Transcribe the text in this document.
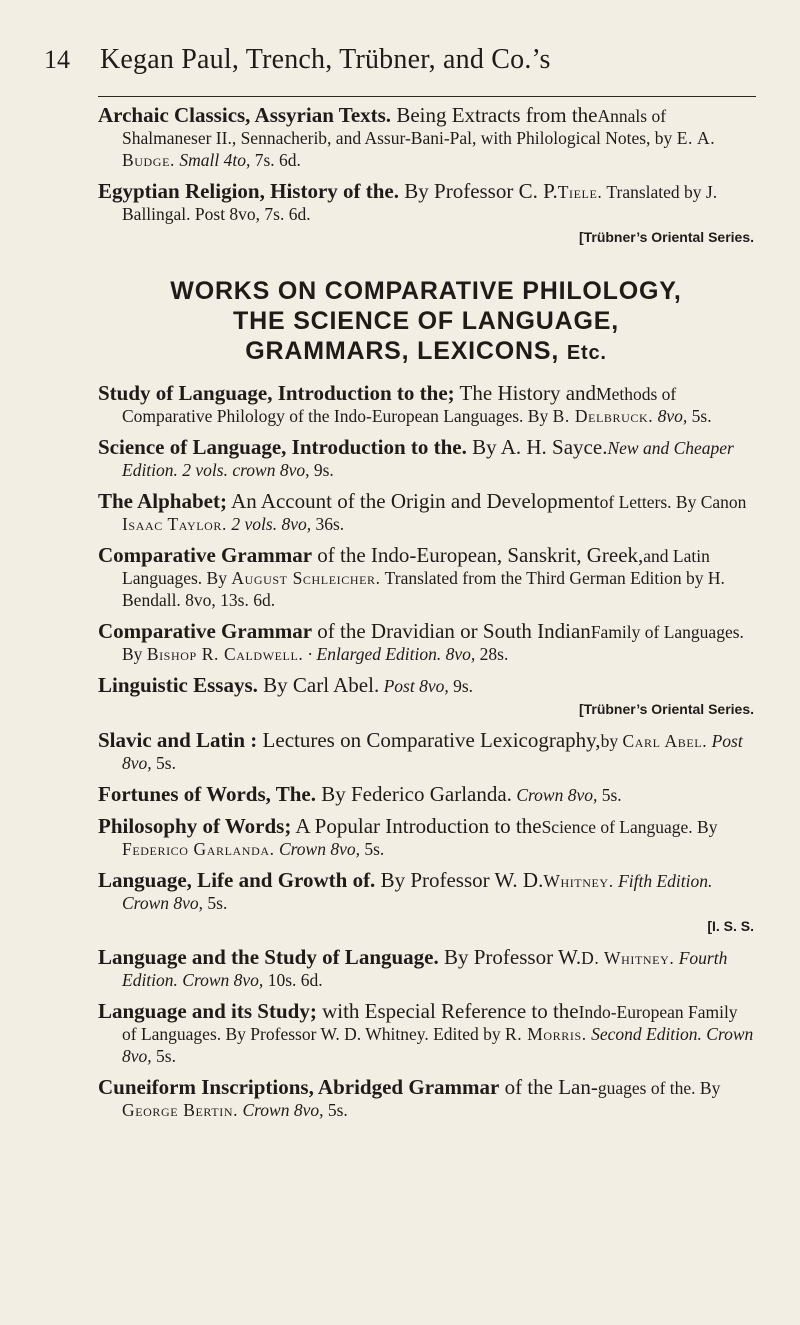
14	Kegan Paul, Trench, Trübner, and Co.’s
Archaic Classics, Assyrian Texts. Being Extracts from theAnnals of Shalmaneser II., Sennacherib, and Assur-Bani-Pal, with Philological Notes, by E. A. Budge. Small 4to, 7s. 6d.
Egyptian Religion, History of the. By Professor C. P.Tiele. Translated by J. Ballingal. Post 8vo, 7s. 6d.
[Trübner’s Oriental Series.
WORKS ON COMPARATIVE PHILOLOGY,
THE SCIENCE OF LANGUAGE,
GRAMMARS, LEXICONS, Etc.
Study of Language, Introduction to the; The History andMethods of Comparative Philology of the Indo-European Languages. By B. Delbruck. 8vo, 5s.
Science of Language, Introduction to the. By A. H. Sayce.New and Cheaper Edition. 2 vols. crown 8vo, 9s.
The Alphabet; An Account of the Origin and Developmentof Letters. By Canon Isaac Taylor. 2 vols. 8vo, 36s.
Comparative Grammar of the Indo-European, Sanskrit, Greek,and Latin Languages. By August Schleicher. Translated from the Third German Edition by H. Bendall. 8vo, 13s. 6d.
Comparative Grammar of the Dravidian or South IndianFamily of Languages. By Bishop R. Caldwell. · Enlarged Edition. 8vo, 28s.
Linguistic Essays. By Carl Abel. Post 8vo, 9s.
[Trübner’s Oriental Series.
Slavic and Latin : Lectures on Comparative Lexicography,by Carl Abel. Post 8vo, 5s.
Fortunes of Words, The. By Federico Garlanda. Crown 8vo, 5s.
Philosophy of Words; A Popular Introduction to theScience of Language. By Federico Garlanda. Crown 8vo, 5s.
Language, Life and Growth of. By Professor W. D.Whitney. Fifth Edition. Crown 8vo, 5s.
[I. S. S.
Language and the Study of Language. By Professor W.D. Whitney. Fourth Edition. Crown 8vo, 10s. 6d.
Language and its Study; with Especial Reference to theIndo-European Family of Languages. By Professor W. D. Whitney. Edited by R. Morris. Second Edition. Crown 8vo, 5s.
Cuneiform Inscriptions, Abridged Grammar of the Lan-guages of the. By George Bertin. Crown 8vo, 5s.
